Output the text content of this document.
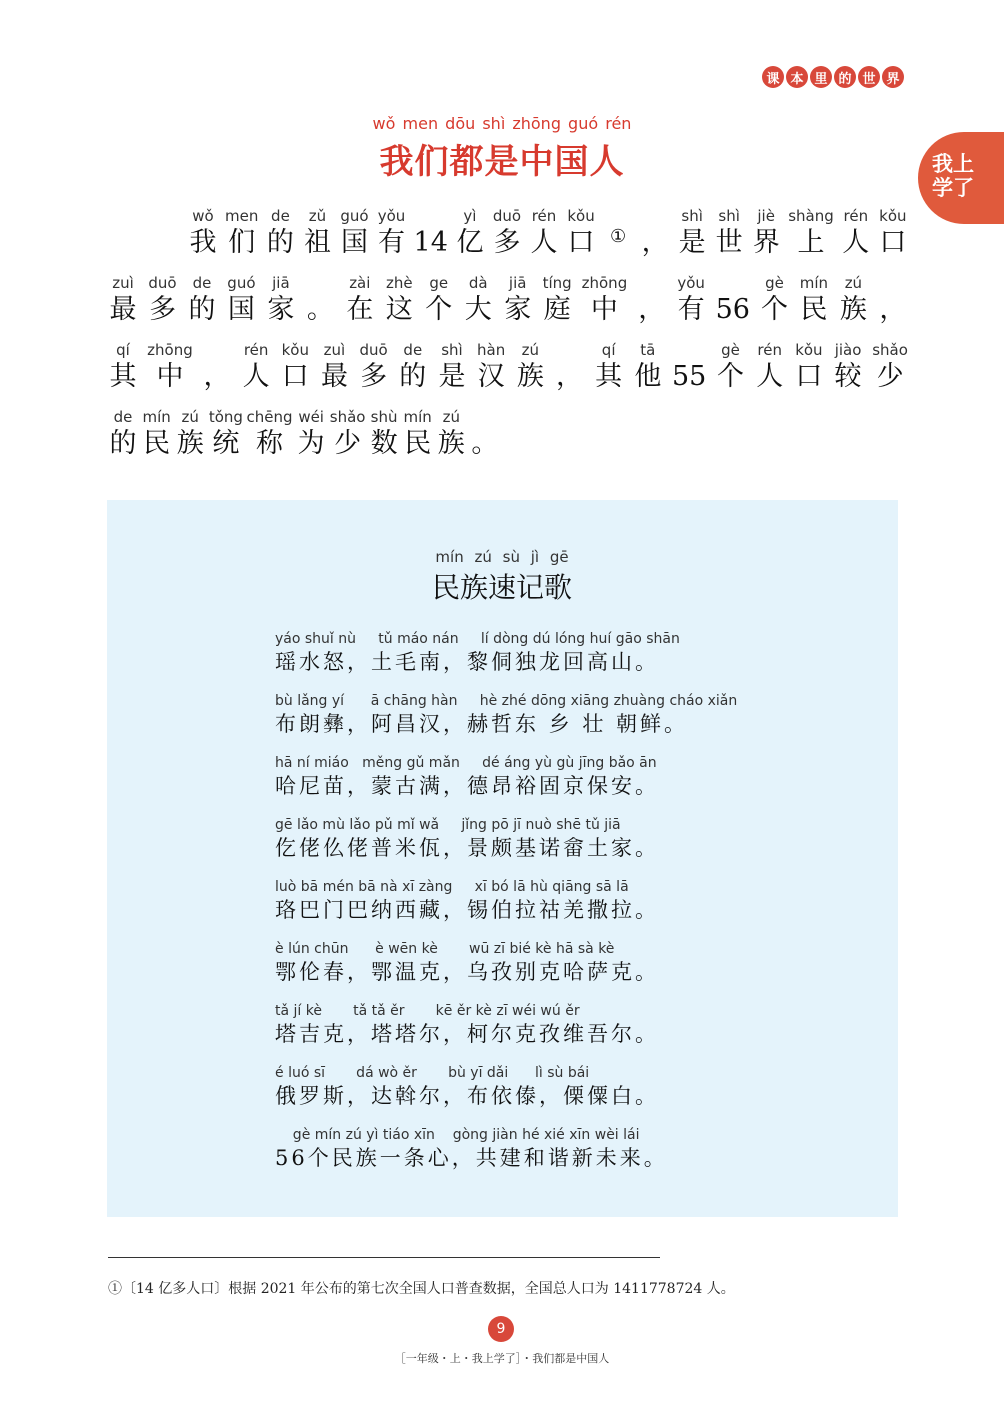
课 本 里 的 世 界
我上
学了
wǒ men dōu shì zhōng guó rén
我们都是中国人
wǒ
我
men
们
de
的
zǔ
祖
guó
国
yǒu
有 14
yì
亿
duō
多
rén
人
kǒu
口 ① ，
shì
是
shì
世
jiè
界
shàng
上
rén
人
kǒu
口
zuì
最
duō
多
de
的
guó
国
jiā
家 。
zài
在
zhè
这
ge
个
dà
大
jiā
家
tíng
庭
zhōng
中 ，
yǒu
有 56
gè
个
mín
民
zú
族 ，
qí
其
zhōng
中 ，
rén
人
kǒu
口
zuì
最
duō
多
de
的
shì
是
hàn
汉
zú
族 ，
qí
其
tā
他 55
gè
个
rén
人
kǒu
口
jiào
较
shǎo
少
de
的
mín
民
zú
族
tǒng
统
chēng
称
wéi
为
shǎo
少
shù
数
mín
民
zú
族 。
mín zú sù jì gē
民族速记歌
yáo shuǐ nù     tǔ máo nán     lí dòng dú lóng huí gāo shān
瑶水怒，土毛南，黎侗独龙回高山。
bù lǎng yí      ā chāng hàn     hè zhé dōng xiāng zhuàng cháo xiǎn
布朗彝，阿昌汉，赫哲东 乡 壮 朝鲜。
hā ní miáo   měng gǔ mǎn     dé áng yù gù jīng bǎo ān
哈尼苗，蒙古满，德昂裕固京保安。
gē lǎo mù lǎo pǔ mǐ wǎ     jǐng pō jī nuò shē tǔ jiā
仡佬仫佬普米佤，景颇基诺畲土家。
luò bā mén bā nà xī zàng     xī bó lā hù qiāng sā lā
珞巴门巴纳西藏，锡伯拉祜羌撒拉。
è lún chūn      è wēn kè       wū zī bié kè hā sà kè
鄂伦春，鄂温克，乌孜别克哈萨克。
tǎ jí kè       tǎ tǎ ěr       kē ěr kè zī wéi wú ěr
塔吉克，塔塔尔，柯尔克孜维吾尔。
é luó sī       dá wò ěr       bù yī dǎi      lì sù bái
俄罗斯，达斡尔，布依傣，傈僳白。
gè mín zú yì tiáo xīn    gòng jiàn hé xié xīn wèi lái
56个民族一条心，共建和谐新未来。
①〔14 亿多人口〕根据 2021 年公布的第七次全国人口普查数据，全国总人口为 1411778724 人。
9
［一年级・上・我上学了］・我们都是中国人
